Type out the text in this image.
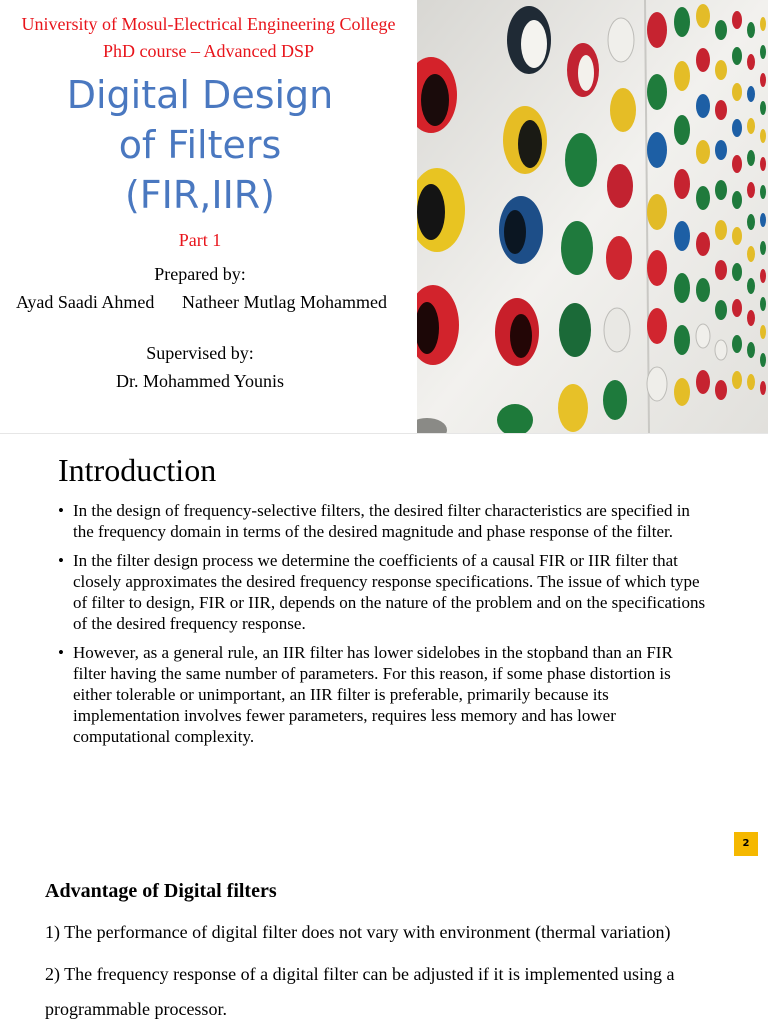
University of Mosul-Electrical Engineering College
PhD course – Advanced DSP
Digital Design
of Filters
(FIR,IIR)
Part 1
Prepared by:
Ayad Saadi Ahmed Natheer Mutlag Mohammed
Supervised by:
Dr. Mohammed Younis
Introduction
• In the design of frequency-selective filters, the desired filter characteristics are specified in the frequency domain in terms of the desired magnitude and phase response of the filter.
• In the filter design process we determine the coefficients of a causal FIR or IIR filter that closely approximates the desired frequency response specifications. The issue of which type of filter to design, FIR or IIR, depends on the nature of the problem and on the specifications of the desired frequency response.
• However, as a general rule, an IIR filter has lower sidelobes in the stopband than an FIR filter having the same number of parameters. For this reason, if some phase distortion is either tolerable or unimportant, an IIR filter is preferable, primarily because its implementation involves fewer parameters, requires less memory and has lower computational complexity.
2
Advantage of Digital filters
1) The performance of digital filter does not vary with environment (thermal variation)
2) The frequency response of a digital filter can be adjusted if it is implemented using a programmable processor.
